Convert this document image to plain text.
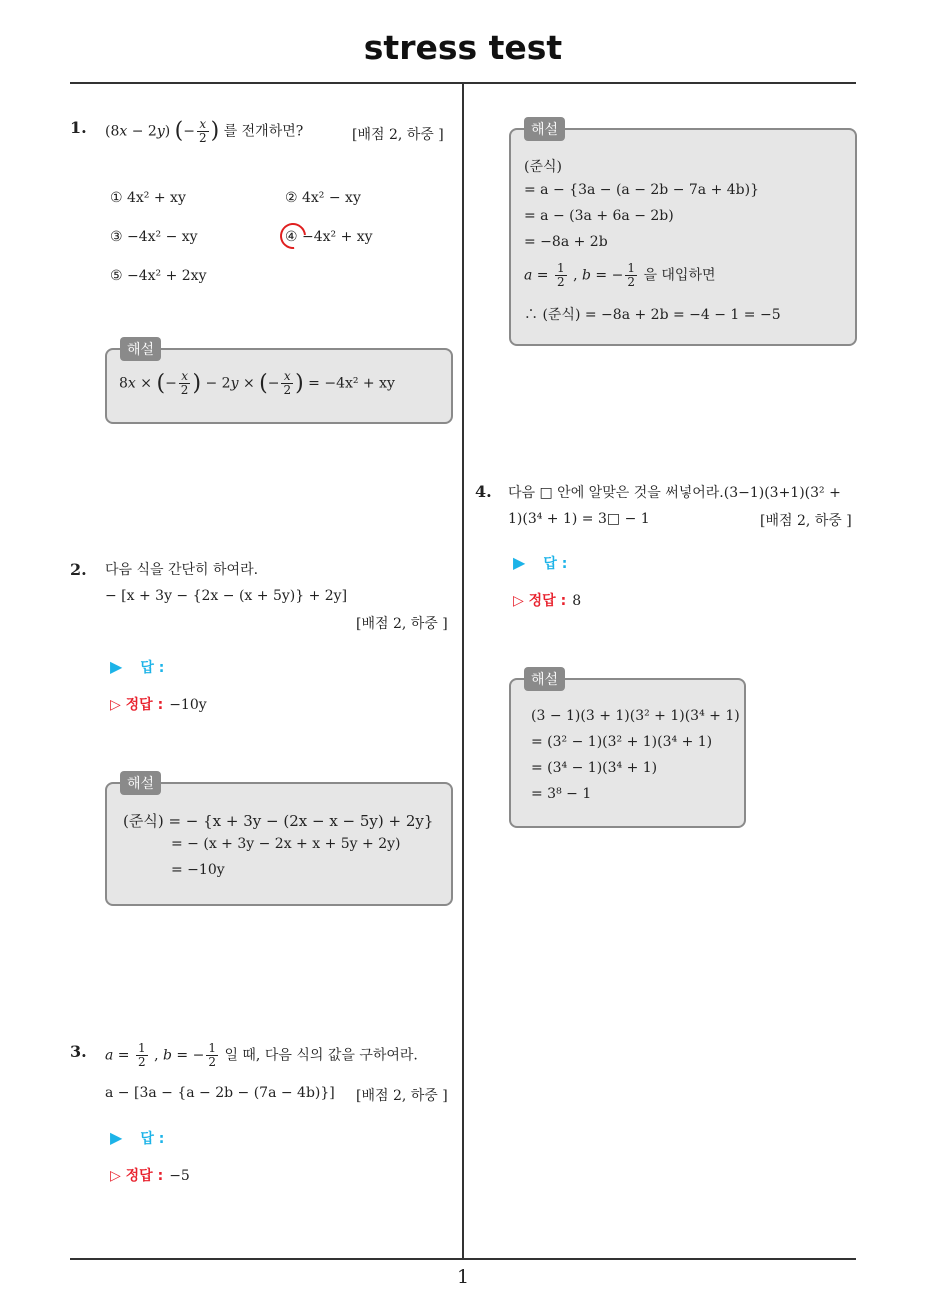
stress test
1
1. (8x − 2y) (− $\frac{x}{2}$ ) 를 전개하면?	[배점 2, 하중 ]
① 4x² + xy	② 4x² − xy
③ −4x² − xy	④ −4x² + xy
⑤ −4x² + 2xy
8x × (− $\frac{x}{2}$ ) − 2y × (− $\frac{x}{2}$ ) = −4x² + xy
해설
2. 다음 식을 간단히 하여라.
− [x + 3y − {2x − (x + 5y)} + 2y]
[배점 2, 하중 ]
▶ 답 :
▷ 정답 : −10y
(준식) = − {x + 3y − (2x − x − 5y) + 2y}
= − (x + 3y − 2x + x + 5y + 2y)
= −10y
해설
3. $a = \frac{1}{2}$ , b = − $\frac{1}{2}$ 일 때, 다음 식의 값을 구하여라.
a − [3a − {a − 2b − (7a − 4b)}] [배점 2, 하중 ]
▶ 답 :
▷ 정답 : −5
(준식)
= a − {3a − (a − 2b − 7a + 4b)}
= a − (3a + 6a − 2b)
= −8a + 2b
$a = \frac{1}{2}$ , b = − $\frac{1}{2}$ 을 대입하면
∴ (준식) = −8a + 2b = −4 − 1 = −5
해설
4. 다음 □ 안에 알맞은 것을 써넣어라.(3−1)(3+1)(3² +
1)(3⁴ + 1) = 3□ − 1	[배점 2, 하중 ]
▶ 답 :
▷ 정답 : 8
(3 − 1)(3 + 1)(3² + 1)(3⁴ + 1)
= (3² − 1)(3² + 1)(3⁴ + 1)
= (3⁴ − 1)(3⁴ + 1)
= 3⁸ − 1
해설
